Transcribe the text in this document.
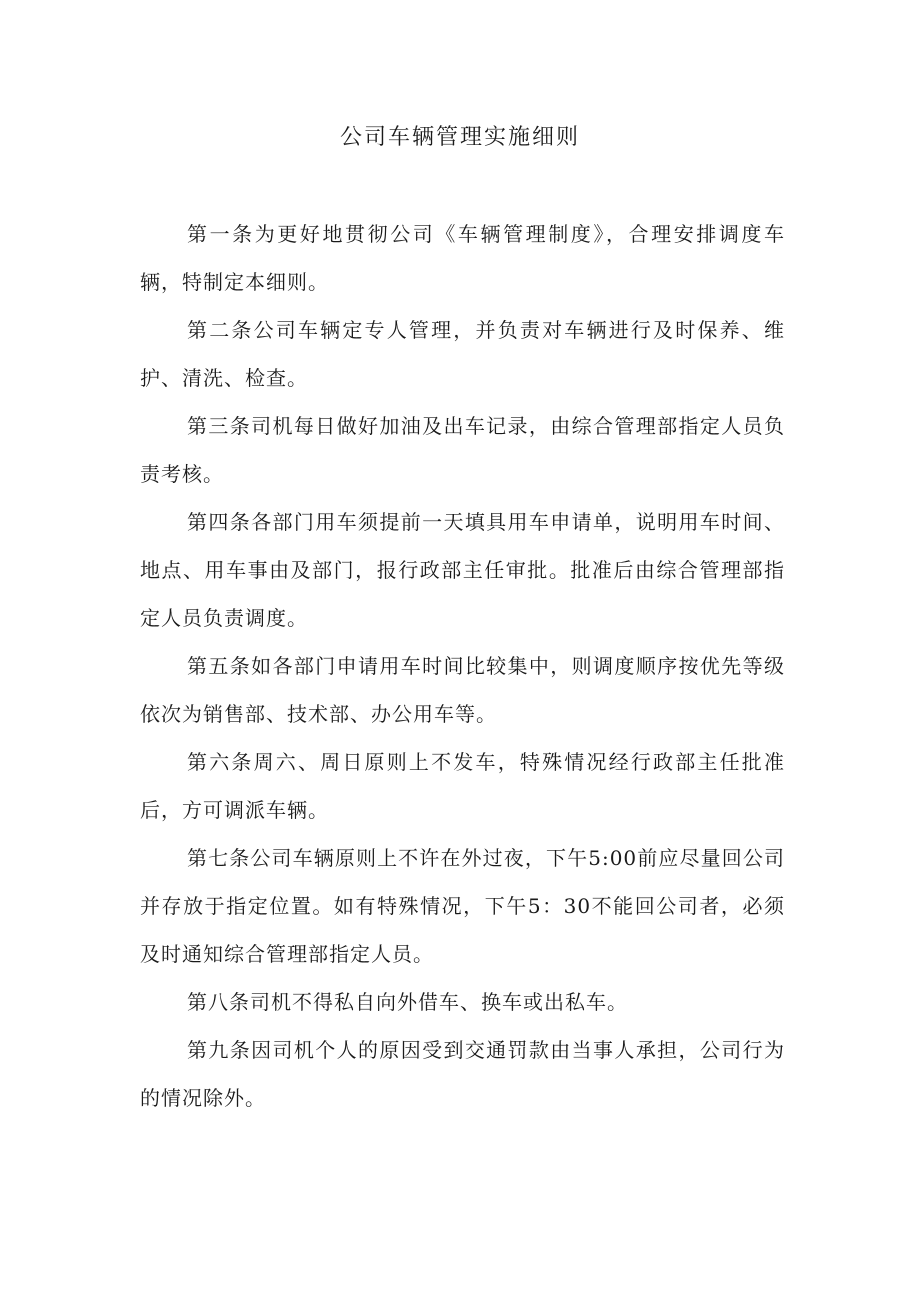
公司车辆管理实施细则

第一条为更好地贯彻公司《车辆管理制度》，合理安排调度车辆，特制定本细则。

第二条公司车辆定专人管理，并负责对车辆进行及时保养、维护、清洗、检查。

第三条司机每日做好加油及出车记录，由综合管理部指定人员负责考核。

第四条各部门用车须提前一天填具用车申请单，说明用车时间、地点、用车事由及部门，报行政部主任审批。批准后由综合管理部指定人员负责调度。

第五条如各部门申请用车时间比较集中，则调度顺序按优先等级依次为销售部、技术部、办公用车等。

第六条周六、周日原则上不发车，特殊情况经行政部主任批准后，方可调派车辆。

第七条公司车辆原则上不许在外过夜，下午5:00前应尽量回公司并存放于指定位置。如有特殊情况，下午5：30不能回公司者，必须及时通知综合管理部指定人员。

第八条司机不得私自向外借车、换车或出私车。

第九条因司机个人的原因受到交通罚款由当事人承担，公司行为的情况除外。
